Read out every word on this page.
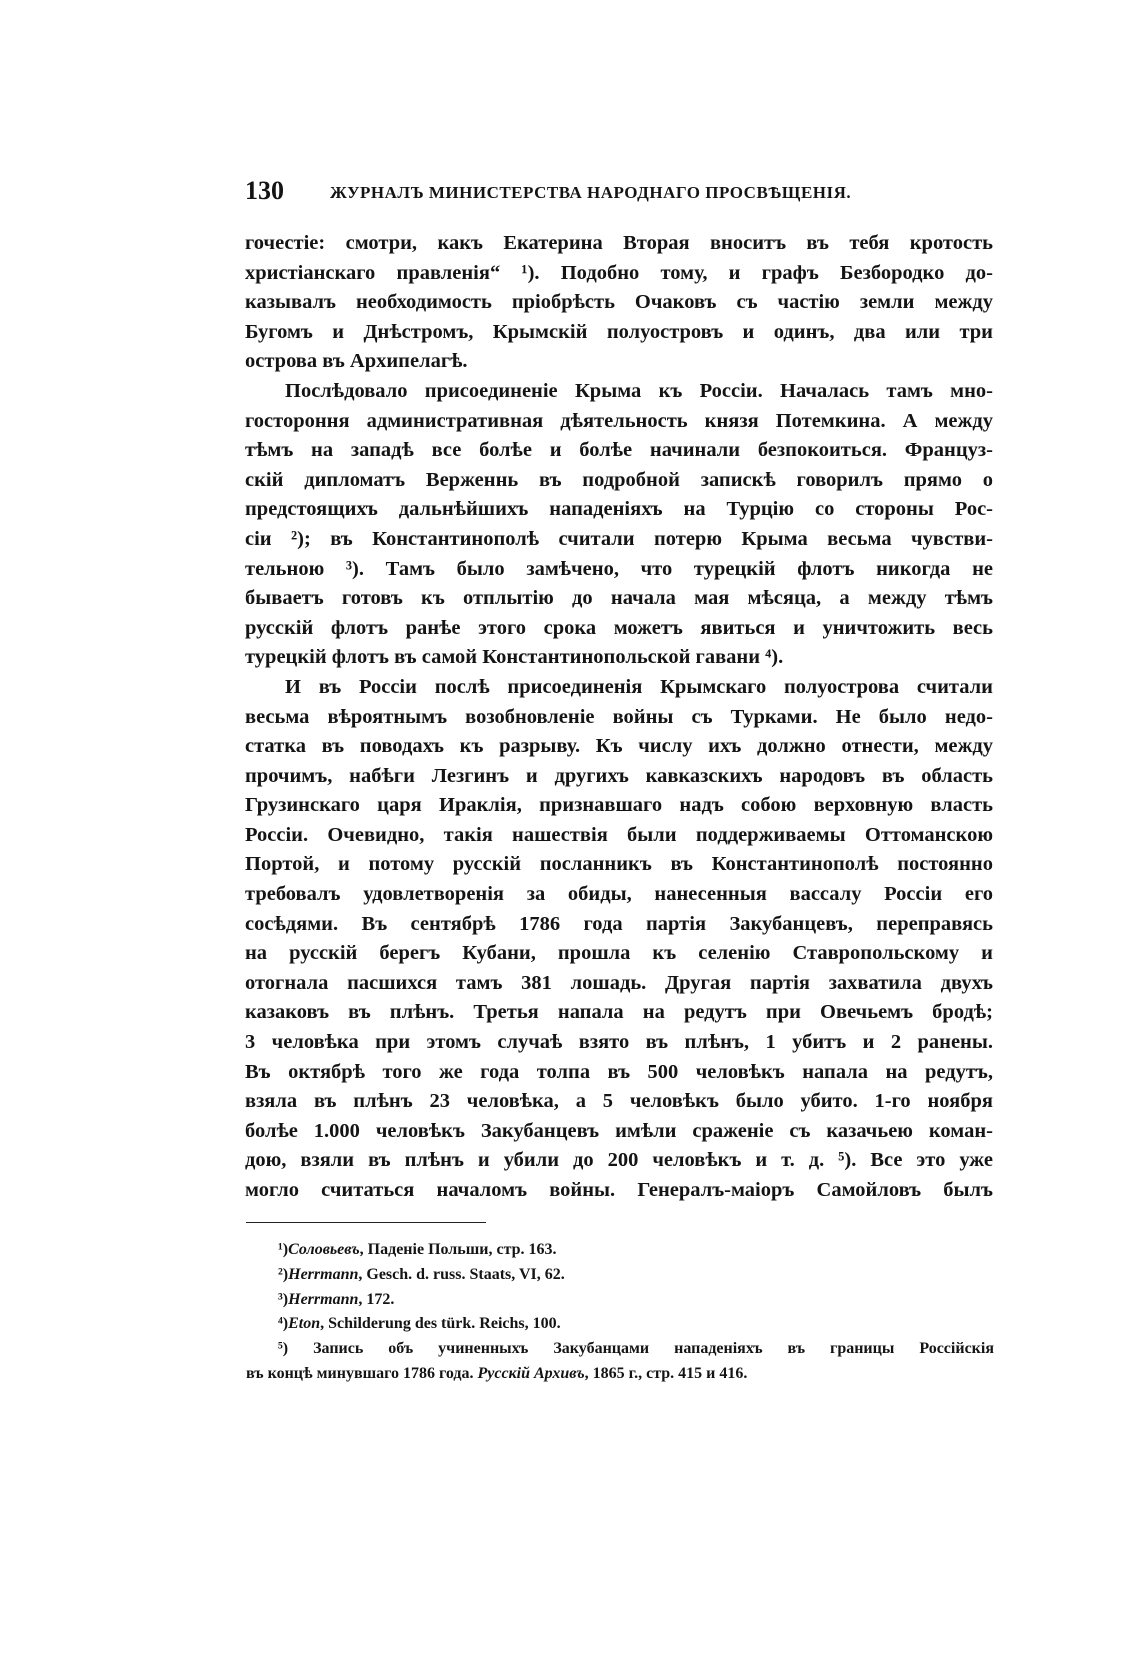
130	ЖУРНАЛЪ МИНИСТЕРСТВА НАРОДНАГО ПРОСВѢЩЕНІЯ.
гочестіе: смотри, какъ Екатерина Вторая вноситъ въ тебя кротость
христіанскаго правленія“ ¹). Подобно тому, и графъ Безбородко до-
казывалъ необходимость пріобрѣсть Очаковъ съ частію земли между
Бугомъ и Днѣстромъ, Крымскій полуостровъ и одинъ, два или три
острова въ Архипелагѣ.
Послѣдовало присоединеніе Крыма къ Россіи. Началась тамъ мно-
гостороння административная дѣятельность князя Потемкина. А между
тѣмъ на западѣ все болѣе и болѣе начинали безпокоиться. Француз-
скій дипломатъ Верженнь въ подробной запискѣ говорилъ прямо о
предстоящихъ дальнѣйшихъ нападеніяхъ на Турцію со стороны Рос-
сіи ²); въ Константинополѣ считали потерю Крыма весьма чувстви-
тельною ³). Тамъ было замѣчено, что турецкій флотъ никогда не
бываетъ готовъ къ отплытію до начала мая мѣсяца, а между тѣмъ
русскій флотъ ранѣе этого срока можетъ явиться и уничтожить весь
турецкій флотъ въ самой Константинопольской гавани ⁴).
И въ Россіи послѣ присоединенія Крымскаго полуострова считали
весьма вѣроятнымъ возобновленіе войны съ Турками. Не было недо-
статка въ поводахъ къ разрыву. Къ числу ихъ должно отнести, между
прочимъ, набѣги Лезгинъ и другихъ кавказскихъ народовъ въ область
Грузинскаго царя Ираклія, признавшаго надъ собою верховную власть
Россіи. Очевидно, такія нашествія были поддерживаемы Оттоманскою
Портой, и потому русскій посланникъ въ Константинополѣ постоянно
требовалъ удовлетворенія за обиды, нанесенныя вассалу Россіи его
сосѣдями. Въ сентябрѣ 1786 года партія Закубанцевъ, переправясь
на русскій берегъ Кубани, прошла къ селенію Ставропольскому и
отогнала пасшихся тамъ 381 лошадь. Другая партія захватила двухъ
казаковъ въ плѣнъ. Третья напала на редутъ при Овечьемъ бродѣ;
3 человѣка при этомъ случаѣ взято въ плѣнъ, 1 убитъ и 2 ранены.
Въ октябрѣ того же года толпа въ 500 человѣкъ напала на редутъ,
взяла въ плѣнъ 23 человѣка, а 5 человѣкъ было убито. 1-го ноября
болѣе 1.000 человѣкъ Закубанцевъ имѣли сраженіе съ казачьею коман-
дою, взяли въ плѣнъ и убили до 200 человѣкъ и т. д. ⁵). Все это уже
могло считаться началомъ войны. Генералъ-маіоръ Самойловъ былъ
¹)Соловьевъ, Паденіе Польши, стр. 163.
²)Herrmann, Gesch. d. russ. Staats, VI, 62.
³)Herrmann, 172.
⁴)Eton, Schilderung des türk. Reichs, 100.
⁵) Запись объ учиненныхъ Закубанцами нападеніяхъ въ границы Россійскія
въ концѣ минувшаго 1786 года. Русскій Архивъ, 1865 г., стр. 415 и 416.
